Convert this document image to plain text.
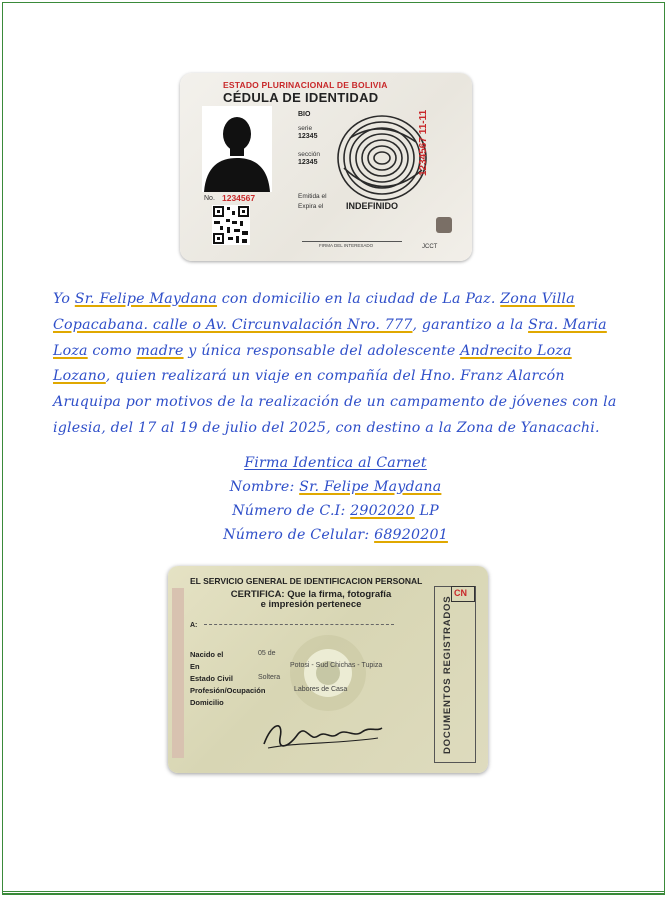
ESTADO PLURINACIONAL DE BOLIVIA
CÉDULA DE IDENTIDAD
No. 1234567
BIO
serie
12345
sección
12345
Emitida el
Expira el	INDEFINIDO
1234567 11-11
FIRMA DEL INTERESADO	JCCT
Yo Sr. Felipe Maydana con domicilio en la ciudad de La Paz. Zona Villa Copacabana. calle o Av. Circunvalación Nro. 777, garantizo a la Sra. Maria Loza como madre y única responsable del adolescente Andrecito Loza Lozano, quien realizará un viaje en compañía del Hno. Franz Alarcón Aruquipa por motivos de la realización de un campamento de jóvenes con la iglesia, del 17 al 19 de julio del 2025, con destino a la Zona de Yanacachi.
Firma Identica al Carnet
Nombre: Sr. Felipe Maydana
Número de C.I: 2902020 LP
Número de Celular: 68920201
EL SERVICIO GENERAL DE IDENTIFICACION PERSONAL
CERTIFICA: Que la firma, fotografía
e impresión pertenece
A:
Nacido el	05 de
En	Potosi - Sud Chichas - Tupiza
Estado Civil	Soltera
Profesión/Ocupación	Labores de Casa
Domicilio
CN
DOCUMENTOS REGISTRADOS
